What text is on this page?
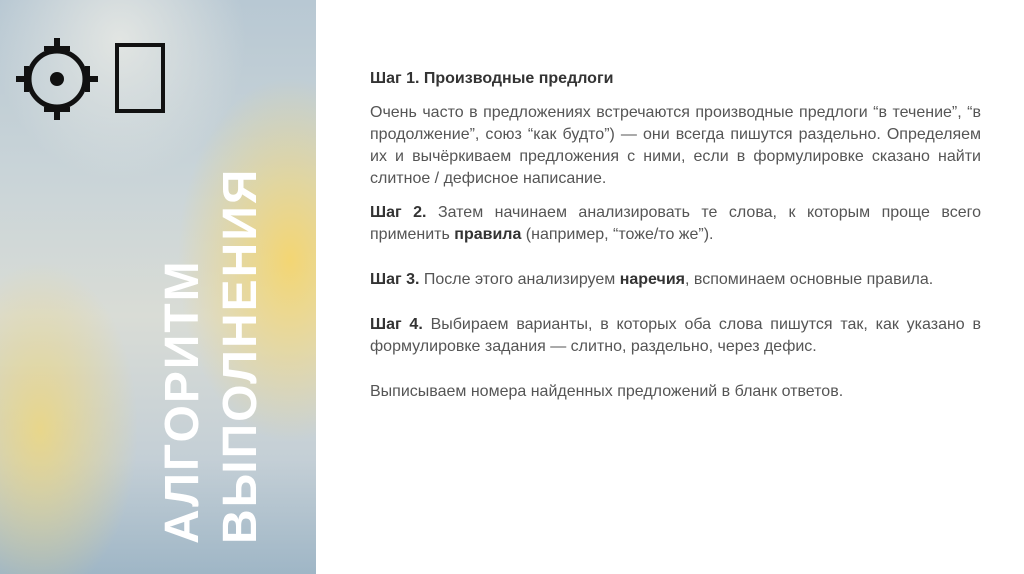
АЛГОРИТМ ВЫПОЛНЕНИЯ

Шаг 1. Производные предлоги

Очень часто в предложениях встречаются производные предлоги “в течение”, “в продолжение”, союз “как будто”) — они всегда пишутся раздельно. Определяем их и вычёркиваем предложения с ними, если в формулировке сказано найти слитное / дефисное написание.

Шаг 2. Затем начинаем анализировать те слова, к которым проще всего применить правила (например, “тоже/то же”).

Шаг 3. После этого анализируем наречия, вспоминаем основные правила.

Шаг 4. Выбираем варианты, в которых оба слова пишутся так, как указано в формулировке задания — слитно, раздельно, через дефис.

Выписываем номера найденных предложений в бланк ответов.
